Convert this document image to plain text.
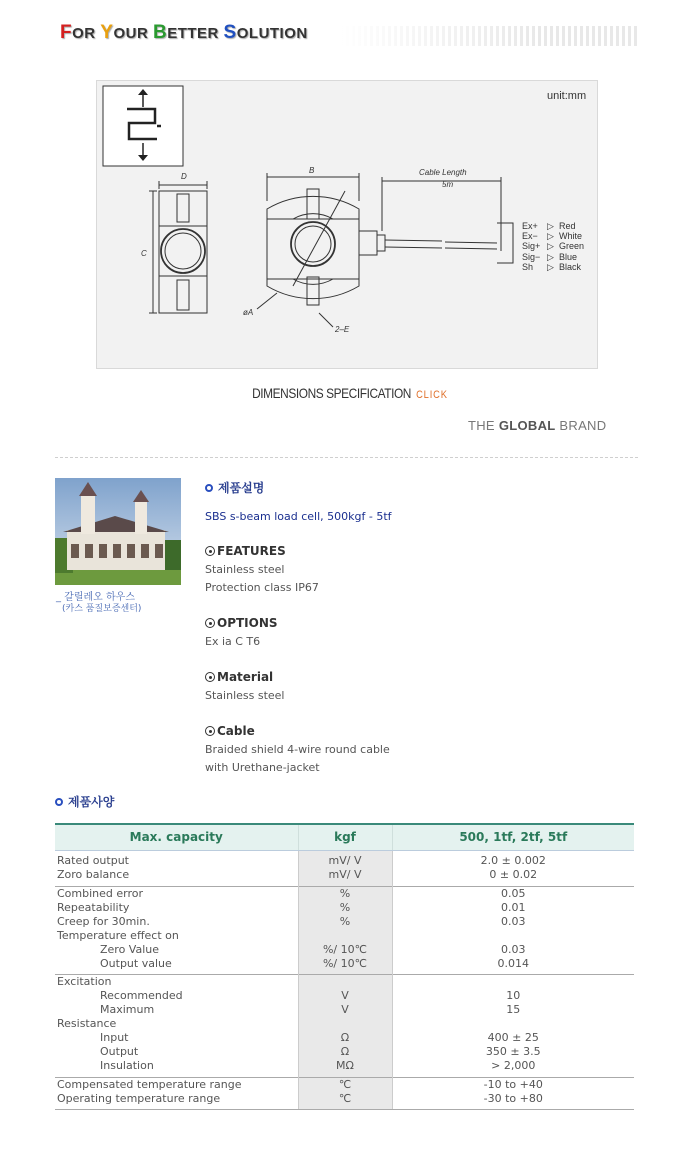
FOR YOUR BETTER SOLUTION
unit:mm
D
C
B	Cable Length
5m
øA
2–E
Ex+ ▷ Red
Ex− ▷ White
Sig+ ▷ Green
Sig− ▷ Blue
Sh ▷ Black
DIMENSIONS SPECIFICATION CLICK
THE GLOBAL BRAND
_ 갈릴레오 하우스
(카스 품질보증센터)
제품설명
SBS s-beam load cell, 500kgf - 5tf
FEATURES
Stainless steel
Protection class IP67
OPTIONS
Ex ia C T6
Material
Stainless steel
Cable
Braided shield 4-wire round cable
with Urethane-jacket
제품사양
Max. capacity	kgf	500, 1tf, 2tf, 5tf

Rated output	mV/ V	2.0 ± 0.002
Zoro balance	mV/ V	0 ± 0.02

Combined error	%	0.05
Repeatability	%	0.01
Creep for 30min.	%	0.03
Temperature effect on		
Zero Value	%/ 10℃	0.03
Output value	%/ 10℃	0.014

Excitation		
Recommended	V	10
Maximum	V	15
Resistance		
Input	Ω	400 ± 25
Output	Ω	350 ± 3.5
Insulation	MΩ	> 2,000

Compensated temperature range	℃	-10 to +40
Operating temperature range	℃	-30 to +80
